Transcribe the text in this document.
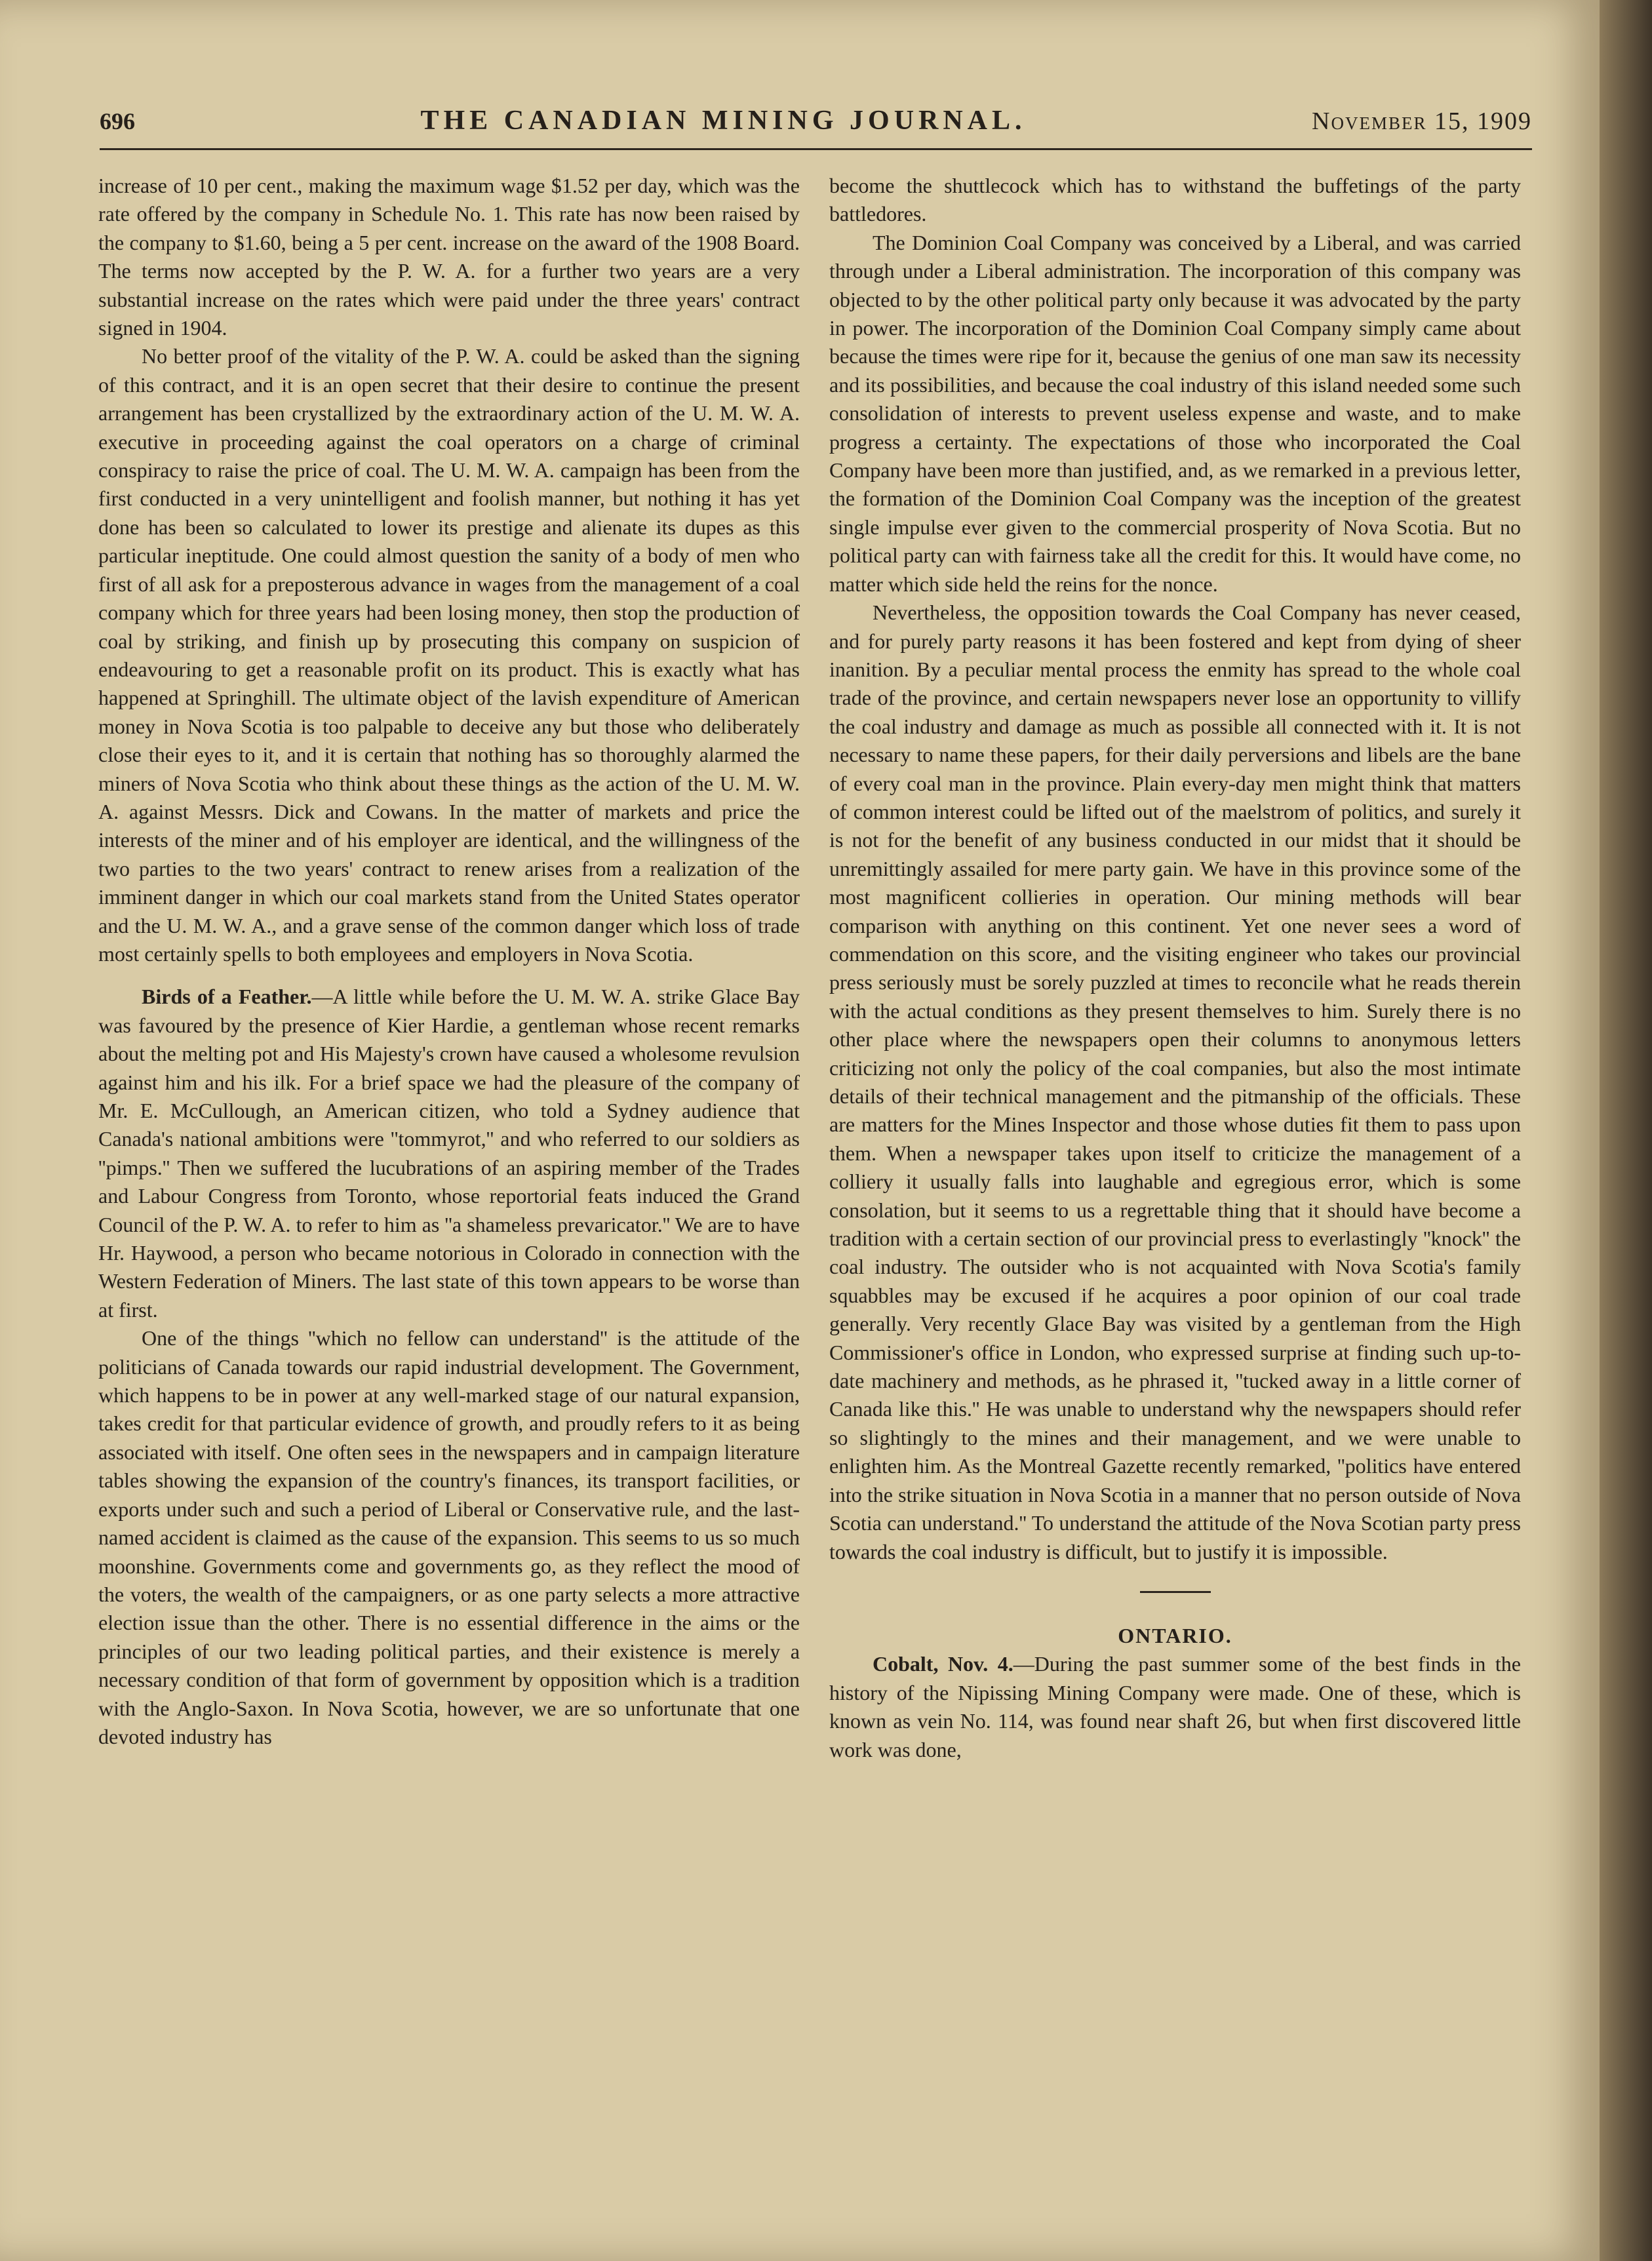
696	THE CANADIAN MINING JOURNAL.	November 15, 1909

increase of 10 per cent., making the maximum wage $1.52 per day, which was the rate offered by the company in Schedule No. 1. This rate has now been raised by the company to $1.60, being a 5 per cent. increase on the award of the 1908 Board. The terms now accepted by the P. W. A. for a further two years are a very substantial increase on the rates which were paid under the three years' contract signed in 1904.

No better proof of the vitality of the P. W. A. could be asked than the signing of this contract, and it is an open secret that their desire to continue the present arrangement has been crystallized by the extraordinary action of the U. M. W. A. executive in proceeding against the coal operators on a charge of criminal conspiracy to raise the price of coal. The U. M. W. A. campaign has been from the first conducted in a very unintelligent and foolish manner, but nothing it has yet done has been so calculated to lower its prestige and alienate its dupes as this particular ineptitude. One could almost question the sanity of a body of men who first of all ask for a preposterous advance in wages from the management of a coal company which for three years had been losing money, then stop the production of coal by striking, and finish up by prosecuting this company on suspicion of endeavouring to get a reasonable profit on its product. This is exactly what has happened at Springhill. The ultimate object of the lavish expenditure of American money in Nova Scotia is too palpable to deceive any but those who deliberately close their eyes to it, and it is certain that nothing has so thoroughly alarmed the miners of Nova Scotia who think about these things as the action of the U. M. W. A. against Messrs. Dick and Cowans. In the matter of markets and price the interests of the miner and of his employer are identical, and the willingness of the two parties to the two years' contract to renew arises from a realization of the imminent danger in which our coal markets stand from the United States operator and the U. M. W. A., and a grave sense of the common danger which loss of trade most certainly spells to both employees and employers in Nova Scotia.

Birds of a Feather.—A little while before the U. M. W. A. strike Glace Bay was favoured by the presence of Kier Hardie, a gentleman whose recent remarks about the melting pot and His Majesty's crown have caused a wholesome revulsion against him and his ilk. For a brief space we had the pleasure of the company of Mr. E. McCullough, an American citizen, who told a Sydney audience that Canada's national ambitions were ''tommyrot,'' and who referred to our soldiers as ''pimps.'' Then we suffered the lucubrations of an aspiring member of the Trades and Labour Congress from Toronto, whose reportorial feats induced the Grand Council of the P. W. A. to refer to him as ''a shameless prevaricator.'' We are to have Hr. Haywood, a person who became notorious in Colorado in connection with the Western Federation of Miners. The last state of this town appears to be worse than at first.

One of the things ''which no fellow can understand'' is the attitude of the politicians of Canada towards our rapid industrial development. The Government, which happens to be in power at any well-marked stage of our natural expansion, takes credit for that particular evidence of growth, and proudly refers to it as being associated with itself. One often sees in the newspapers and in campaign literature tables showing the expansion of the country's finances, its transport facilities, or exports under such and such a period of Liberal or Conservative rule, and the last-named accident is claimed as the cause of the expansion. This seems to us so much moonshine. Governments come and governments go, as they reflect the mood of the voters, the wealth of the campaigners, or as one party selects a more attractive election issue than the other. There is no essential difference in the aims or the principles of our two leading political parties, and their existence is merely a necessary condition of that form of government by opposition which is a tradition with the Anglo-Saxon. In Nova Scotia, however, we are so unfortunate that one devoted industry has

become the shuttlecock which has to withstand the buffetings of the party battledores.

The Dominion Coal Company was conceived by a Liberal, and was carried through under a Liberal administration. The incorporation of this company was objected to by the other political party only because it was advocated by the party in power. The incorporation of the Dominion Coal Company simply came about because the times were ripe for it, because the genius of one man saw its necessity and its possibilities, and because the coal industry of this island needed some such consolidation of interests to prevent useless expense and waste, and to make progress a certainty. The expectations of those who incorporated the Coal Company have been more than justified, and, as we remarked in a previous letter, the formation of the Dominion Coal Company was the inception of the greatest single impulse ever given to the commercial prosperity of Nova Scotia. But no political party can with fairness take all the credit for this. It would have come, no matter which side held the reins for the nonce.

Nevertheless, the opposition towards the Coal Company has never ceased, and for purely party reasons it has been fostered and kept from dying of sheer inanition. By a peculiar mental process the enmity has spread to the whole coal trade of the province, and certain newspapers never lose an opportunity to villify the coal industry and damage as much as possible all connected with it. It is not necessary to name these papers, for their daily perversions and libels are the bane of every coal man in the province. Plain every-day men might think that matters of common interest could be lifted out of the maelstrom of politics, and surely it is not for the benefit of any business conducted in our midst that it should be unremittingly assailed for mere party gain. We have in this province some of the most magnificent collieries in operation. Our mining methods will bear comparison with anything on this continent. Yet one never sees a word of commendation on this score, and the visiting engineer who takes our provincial press seriously must be sorely puzzled at times to reconcile what he reads therein with the actual conditions as they present themselves to him. Surely there is no other place where the newspapers open their columns to anonymous letters criticizing not only the policy of the coal companies, but also the most intimate details of their technical management and the pitmanship of the officials. These are matters for the Mines Inspector and those whose duties fit them to pass upon them. When a newspaper takes upon itself to criticize the management of a colliery it usually falls into laughable and egregious error, which is some consolation, but it seems to us a regrettable thing that it should have become a tradition with a certain section of our provincial press to everlastingly ''knock'' the coal industry. The outsider who is not acquainted with Nova Scotia's family squabbles may be excused if he acquires a poor opinion of our coal trade generally. Very recently Glace Bay was visited by a gentleman from the High Commissioner's office in London, who expressed surprise at finding such up-to-date machinery and methods, as he phrased it, ''tucked away in a little corner of Canada like this.'' He was unable to understand why the newspapers should refer so slightingly to the mines and their management, and we were unable to enlighten him. As the Montreal Gazette recently remarked, ''politics have entered into the strike situation in Nova Scotia in a manner that no person outside of Nova Scotia can understand.'' To understand the attitude of the Nova Scotian party press towards the coal industry is difficult, but to justify it is impossible.

ONTARIO.

Cobalt, Nov. 4.—During the past summer some of the best finds in the history of the Nipissing Mining Company were made. One of these, which is known as vein No. 114, was found near shaft 26, but when first discovered little work was done,
